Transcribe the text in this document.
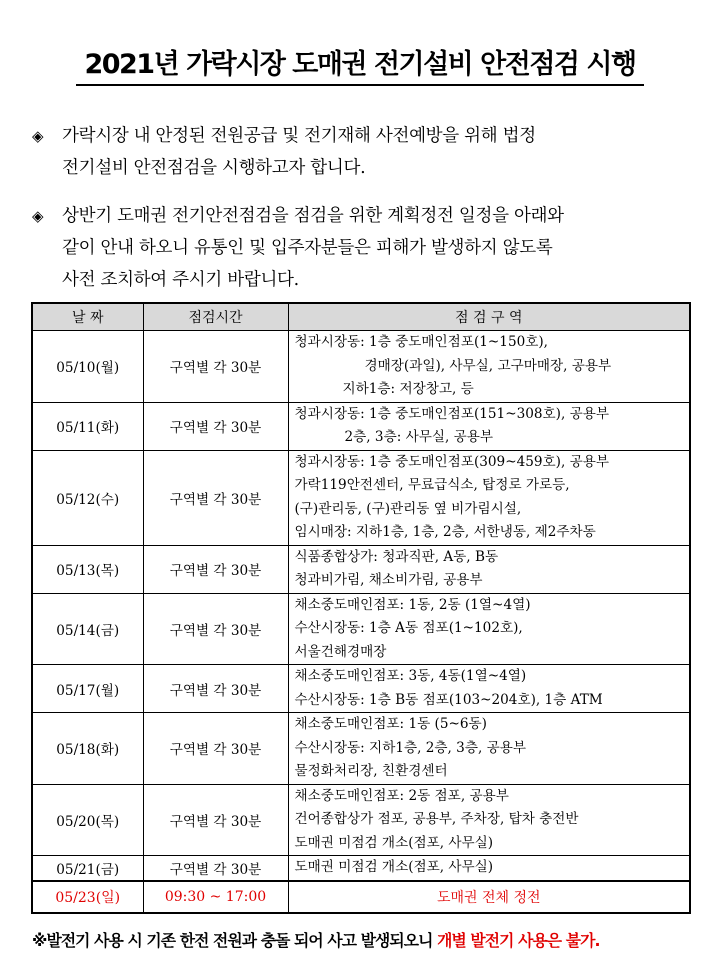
2021년 가락시장 도매권 전기설비 안전점검 시행
◈	가락시장 내 안정된 전원공급 및 전기재해 사전예방을 위해 법정
전기설비 안전점검을 시행하고자 합니다.
◈	상반기 도매권 전기안전점검을 점검을 위한 계획정전 일정을 아래와
같이 안내 하오니 유통인 및 입주자분들은 피해가 발생하지 않도록
사전 조치하여 주시기 바랍니다.
날 짜	점검시간	점 검 구 역
05/10(월)	구역별 각 30분	청과시장동: 1층 중도매인점포(1~150호),
경매장(과일), 사무실, 고구마매장, 공용부
지하1층: 저장창고, 등

05/11(화)	구역별 각 30분	청과시장동: 1층 중도매인점포(151~308호), 공용부
2층, 3층: 사무실, 공용부

05/12(수)	구역별 각 30분	청과시장동: 1층 중도매인점포(309~459호), 공용부
가락119안전센터, 무료급식소, 탑정로 가로등,
(구)관리동, (구)관리동 옆 비가림시설,
임시매장: 지하1층, 1층, 2층, 서한냉동, 제2주차동

05/13(목)	구역별 각 30분	식품종합상가: 청과직판, A동, B동
청과비가림, 채소비가림, 공용부

05/14(금)	구역별 각 30분	채소중도매인점포: 1동, 2동 (1열~4열)
수산시장동: 1층 A동 점포(1~102호),
서울건해경매장

05/17(월)	구역별 각 30분	채소중도매인점포: 3동, 4동(1열~4열)
수산시장동: 1층 B동 점포(103~204호), 1층 ATM

05/18(화)	구역별 각 30분	채소중도매인점포: 1동 (5~6동)
수산시장동: 지하1층, 2층, 3층, 공용부
물정화처리장, 친환경센터

05/20(목)	구역별 각 30분	채소중도매인점포: 2동 점포, 공용부
건어종합상가 점포, 공용부, 주차장, 탑차 충전반
도매권 미점검 개소(점포, 사무실)

05/21(금)	구역별 각 30분	도매권 미점검 개소(점포, 사무실)

05/23(일)	09:30 ~ 17:00	도매권 전체 정전
※발전기 사용 시 기존 한전 전원과 충돌 되어 사고 발생되오니 개별 발전기 사용은 불가.
